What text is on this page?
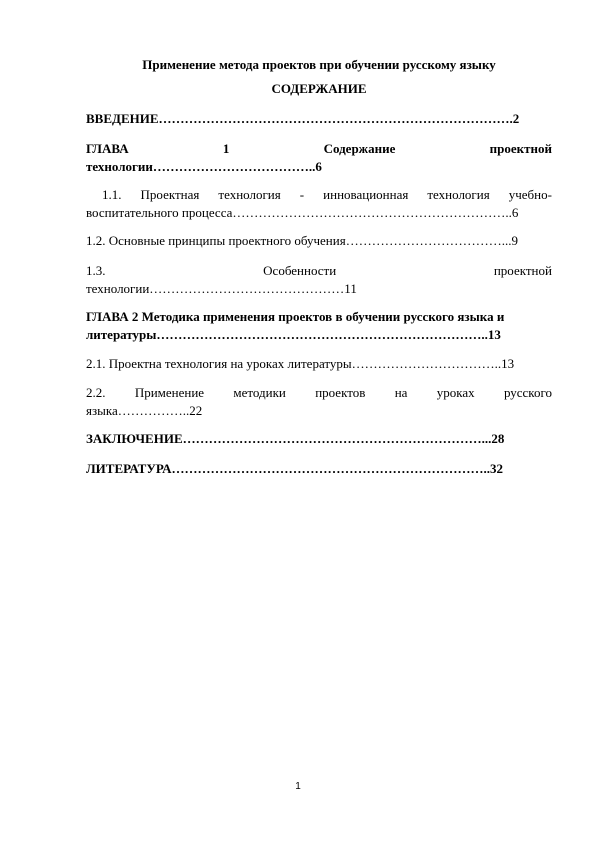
Применение метода проектов при обучении русскому языку
СОДЕРЖАНИЕ
ВВЕДЕНИЕ……………………………………………………………………….2
ГЛАВА	1	Содержание	проектной
технологии………………………………..6
1.1. Проектная технология - инновационная технология учебно-
воспитательного процесса………………………………………………………..6
1.2. Основные принципы проектного обучения………………………………...9
1.3.	Особенности	проектной
технологии………………………………………11
ГЛАВА 2 Методика применения проектов в обучении русского языка и
литературы…………………………………………………………………..13
2.1. Проектна технология на уроках литературы……………………………..13
2.2. Применение методики проектов на уроках русского
языка……………..22
ЗАКЛЮЧЕНИЕ……………………………………………………………...28
ЛИТЕРАТУРА………………………………………………………………..32
1
